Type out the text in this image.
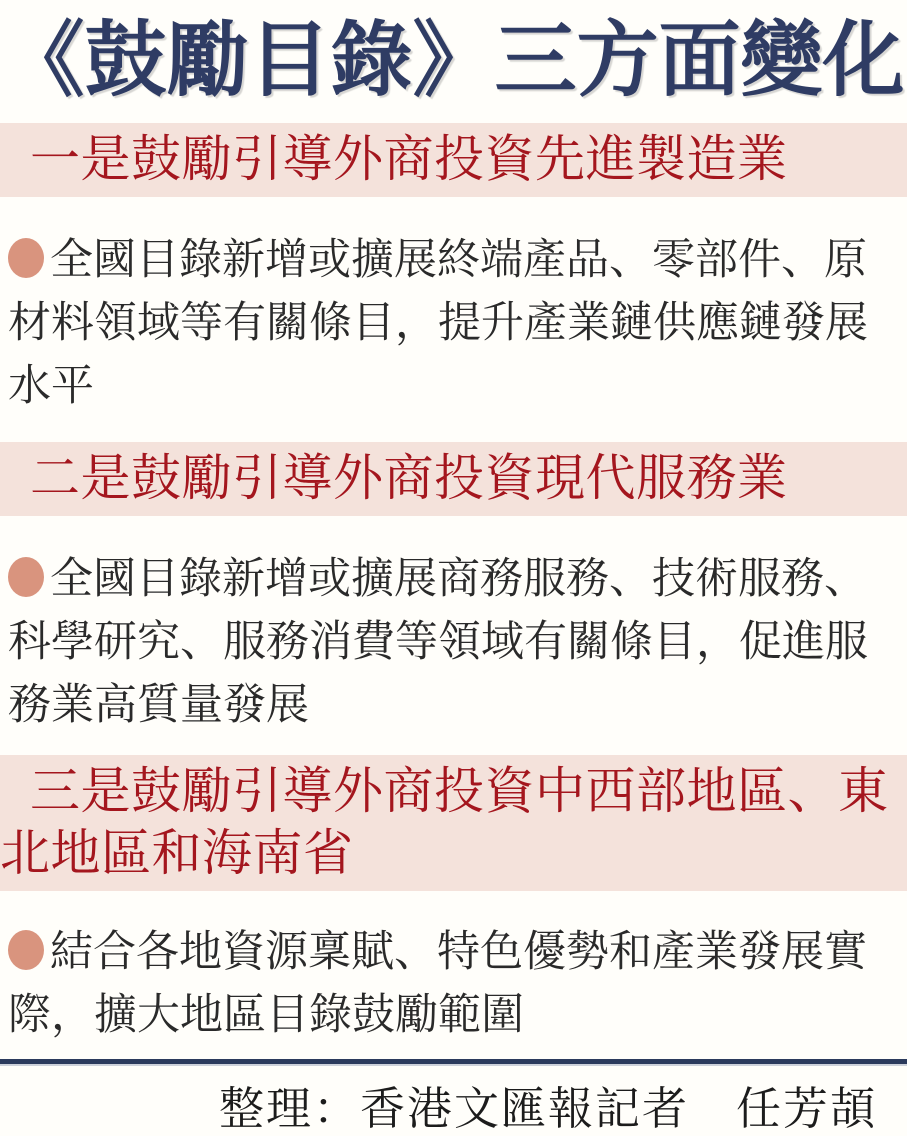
《鼓勵目錄》三方面變化
一是鼓勵引導外商投資先進製造業
全國目錄新增或擴展終端產品、零部件、原材料領域等有關條目，提升產業鏈供應鏈發展水平
二是鼓勵引導外商投資現代服務業
全國目錄新增或擴展商務服務、技術服務、科學研究、服務消費等領域有關條目，促進服務業高質量發展
三是鼓勵引導外商投資中西部地區、東北地區和海南省
結合各地資源稟賦、特色優勢和產業發展實際，擴大地區目錄鼓勵範圍
整理：香港文匯報記者　任芳頡
